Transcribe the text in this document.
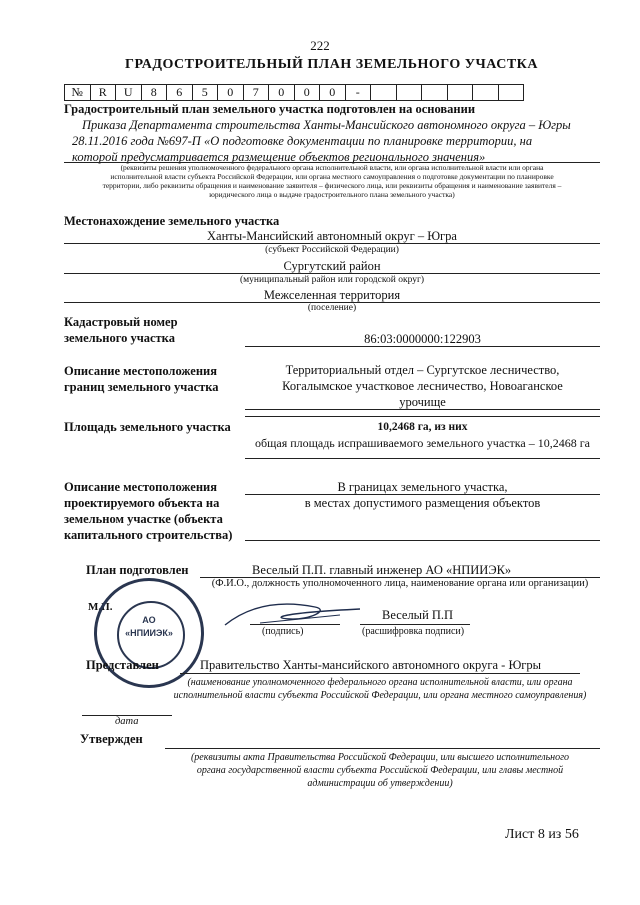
222
ГРАДОСТРОИТЕЛЬНЫЙ ПЛАН ЗЕМЕЛЬНОГО УЧАСТКА
№	R	U	8	6	5	0	7	0	0	0	-						
Градостроительный план земельного участка подготовлен на основании
Приказа Департамента строительства Ханты-Мансийского автономного округа – Югры
28.11.2016 года №697-П «О подготовке документации по планировке территории, на
которой предусматривается размещение объектов регионального значения»
(реквизиты решения уполномоченного федерального органа исполнительной власти, или органа исполнительной власти или органа
исполнительной власти субъекта Российской Федерации, или органа местного самоуправления о подготовке документации по планировке
территории, либо реквизиты обращения и наименование заявителя – физического лица, или реквизиты обращения и наименование заявителя –
юридического лица о выдаче градостроительного плана земельного участка)
Местонахождение земельного участка
Ханты-Мансийский автономный округ – Югра
(субъект Российской Федерации)
Сургутский район
(муниципальный район или городской округ)
Межселенная территория
(поселение)
Кадастровый номер
земельного участка	86:03:0000000:122903
Описание местоположения
границ земельного участка
Территориальный отдел – Сургутское лесничество,
Когалымское участковое лесничество, Новоаганское
урочище
Площадь земельного участка	10,2468 га, из них
общая площадь испрашиваемого земельного участка – 10,2468 га
Описание местоположения
проектируемого объекта на
земельном участке (объекта
капитального строительства)
В границах земельного участка,
в местах допустимого размещения объектов
План подготовлен	Веселый П.П. главный инженер АО «НПИИЭК»
(Ф.И.О., должность уполномоченного лица, наименование органа или организации)
М.П.
Веселый П.П
(подпись)	(расшифровка подписи)
АО
«НПИИЭК»
Представлен	Правительство Ханты-мансийского автономного округа - Югры
(наименование уполномоченного федерального органа исполнительной власти, или органа
исполнительной власти субъекта Российской Федерации, или органа местного самоуправления)
дата
Утвержден
(реквизиты акта Правительства Российской Федерации, или высшего исполнительного
органа государственной власти субъекта Российской Федерации, или главы местной
администрации об утверждении)
Лист 8 из 56
